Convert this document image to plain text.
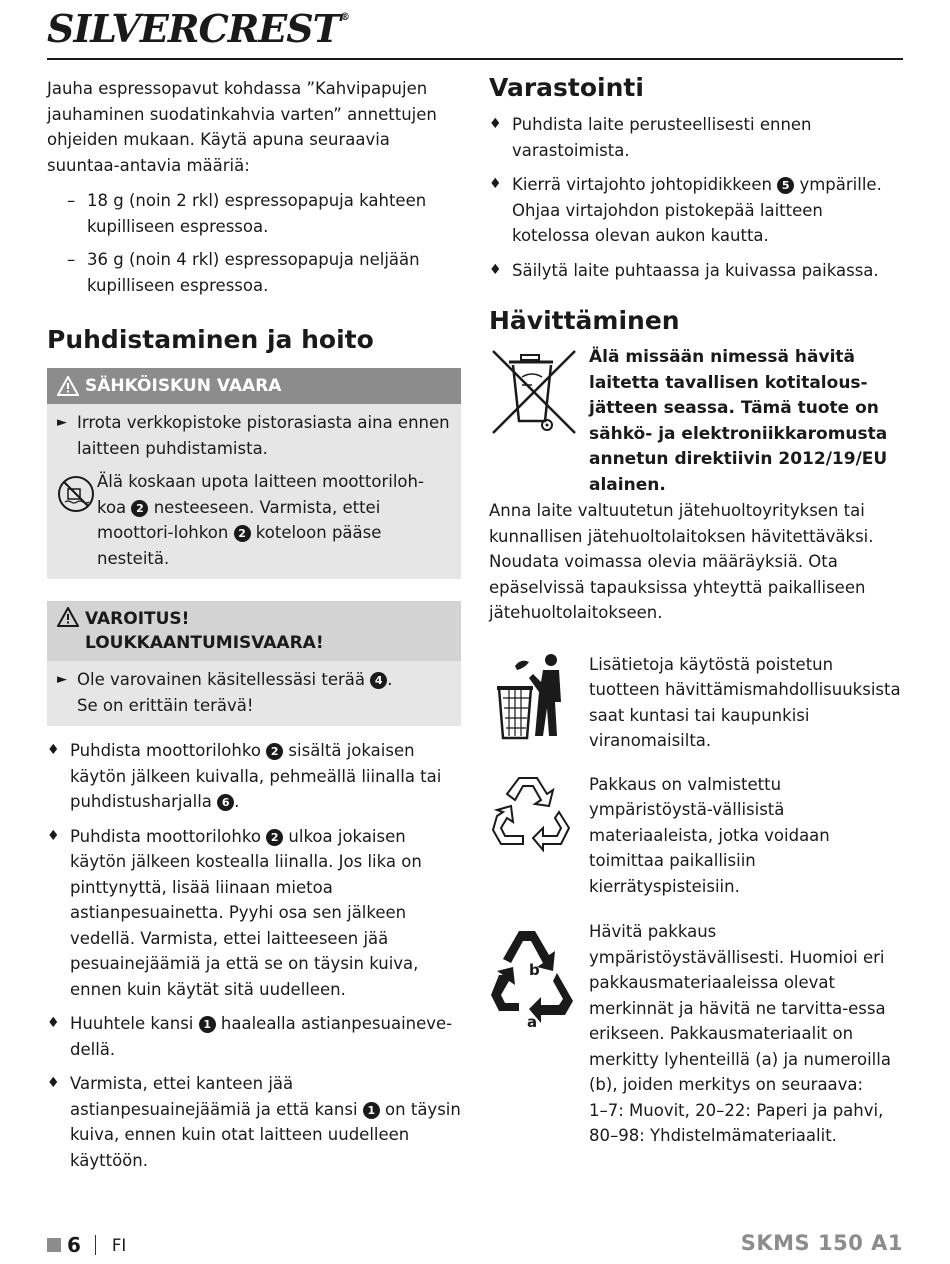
SILVERCREST®

Jauha espressopavut kohdassa ”Kahvipapujen jauhaminen suodatinkahvia varten” annettujen ohjeiden mukaan. Käytä apuna seuraavia suuntaa-antavia määriä:

– 18 g (noin 2 rkl) espressopapuja kahteen kupilliseen espressoa.
– 36 g (noin 4 rkl) espressopapuja neljään kupilliseen espressoa.
Puhdistaminen ja hoito
SÄHKÖISKUN VAARA
► Irrota verkkopistoke pistorasiasta aina ennen laitteen puhdistamista.
Älä koskaan upota laitteen moottoriloh-koa 2 nesteeseen. Varmista, ettei moottori-lohkon 2 koteloon pääse nesteitä.
VAROITUS!
LOUKKAANTUMISVAARA!
► Ole varovainen käsitellessäsi terää 4 .
Se on erittäin terävä!
♦ Puhdista moottorilohko 2 sisältä jokaisen käytön jälkeen kuivalla, pehmeällä liinalla tai puhdistusharjalla 6 .
♦ Puhdista moottorilohko 2 ulkoa jokaisen käytön jälkeen kostealla liinalla. Jos lika on pinttynyttä, lisää liinaan mietoa astianpesuainetta. Pyyhi osa sen jälkeen vedellä. Varmista, ettei laitteeseen jää pesuainejäämiä ja että se on täysin kuiva, ennen kuin käytät sitä uudelleen.
♦ Huuhtele kansi 1 haalealla astianpesuaineve-dellä.
♦ Varmista, ettei kanteen jää astianpesuainejäämiä ja että kansi 1 on täysin kuiva, ennen kuin otat laitteen uudelleen käyttöön.
Varastointi
♦ Puhdista laite perusteellisesti ennen varastoimista.
♦ Kierrä virtajohto johtopidikkeen 5 ympärille. Ohjaa virtajohdon pistokepää laitteen kotelossa olevan aukon kautta.
♦ Säilytä laite puhtaassa ja kuivassa paikassa.
Hävittäminen
Älä missään nimessä hävitä laitetta tavallisen kotitalous-jätteen seassa. Tämä tuote on sähkö- ja elektroniikkaromusta annetun direktiivin 2012/19/EU alainen.

Anna laite valtuutetun jätehuoltoyrityksen tai kunnallisen jätehuoltolaitoksen hävitettäväksi. Noudata voimassa olevia määräyksiä. Ota epäselvissä tapauksissa yhteyttä paikalliseen jätehuoltolaitokseen.

Lisätietoja käytöstä poistetun tuotteen hävittämismahdollisuuksista saat kuntasi tai kaupunkisi viranomaisilta.

Pakkaus on valmistettu ympäristöystä-vällisistä materiaaleista, jotka voidaan toimittaa paikallisiin kierrätyspisteisiin.

b
a

Hävitä pakkaus ympäristöystävällisesti. Huomioi eri pakkausmateriaaleissa olevat merkinnät ja hävitä ne tarvitta-essa erikseen. Pakkausmateriaalit on merkitty lyhenteillä (a) ja numeroilla (b), joiden merkitys on seuraava:

1–7: Muovit, 20–22: Paperi ja pahvi,

80–98: Yhdistelmämateriaalit.

6 FI	SKMS 150 A1
